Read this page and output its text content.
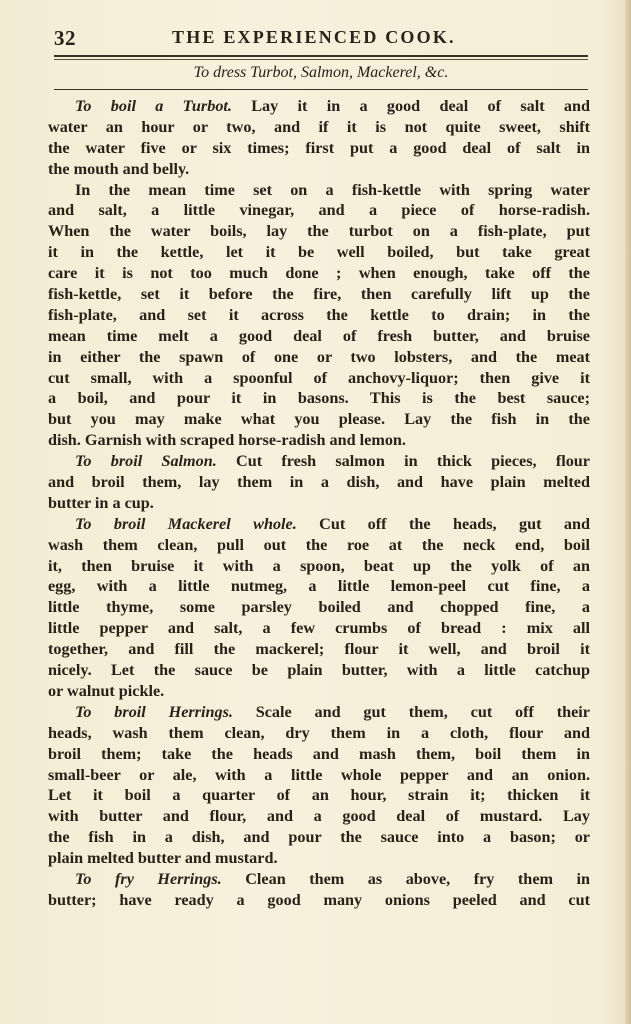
32	THE EXPERIENCED COOK.
To dress Turbot, Salmon, Mackerel, &c.
To boil a Turbot. Lay it in a good deal of salt and
water an hour or two, and if it is not quite sweet, shift
the water five or six times; first put a good deal of salt in
the mouth and belly.
In the mean time set on a fish-kettle with spring water
and salt, a little vinegar, and a piece of horse-radish.
When the water boils, lay the turbot on a fish-plate, put
it in the kettle, let it be well boiled, but take great
care it is not too much done ; when enough, take off the
fish-kettle, set it before the fire, then carefully lift up the
fish-plate, and set it across the kettle to drain; in the
mean time melt a good deal of fresh butter, and bruise
in either the spawn of one or two lobsters, and the meat
cut small, with a spoonful of anchovy-liquor; then give it
a boil, and pour it in basons. This is the best sauce;
but you may make what you please. Lay the fish in the
dish. Garnish with scraped horse-radish and lemon.
To broil Salmon. Cut fresh salmon in thick pieces, flour
and broil them, lay them in a dish, and have plain melted
butter in a cup.
To broil Mackerel whole. Cut off the heads, gut and
wash them clean, pull out the roe at the neck end, boil
it, then bruise it with a spoon, beat up the yolk of an
egg, with a little nutmeg, a little lemon-peel cut fine, a
little thyme, some parsley boiled and chopped fine, a
little pepper and salt, a few crumbs of bread : mix all
together, and fill the mackerel; flour it well, and broil it
nicely. Let the sauce be plain butter, with a little catchup
or walnut pickle.
To broil Herrings. Scale and gut them, cut off their
heads, wash them clean, dry them in a cloth, flour and
broil them; take the heads and mash them, boil them in
small-beer or ale, with a little whole pepper and an onion.
Let it boil a quarter of an hour, strain it; thicken it
with butter and flour, and a good deal of mustard. Lay
the fish in a dish, and pour the sauce into a bason; or
plain melted butter and mustard.
To fry Herrings. Clean them as above, fry them in
butter; have ready a good many onions peeled and cut
